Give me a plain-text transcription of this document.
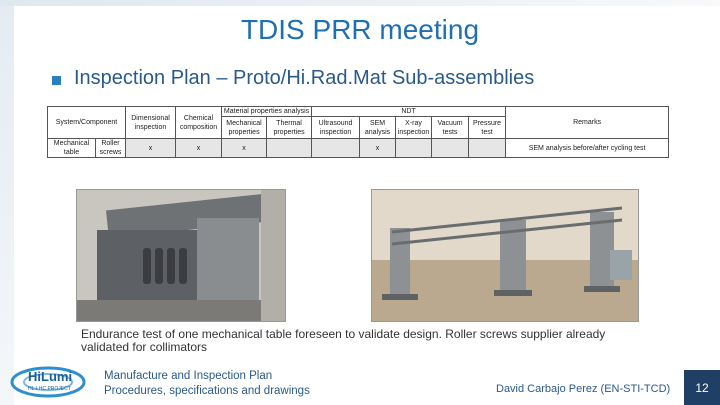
TDIS PRR meeting
Inspection Plan – Proto/Hi.Rad.Mat Sub-assemblies
System/Component		Dimensional inspection	Chemical composition	Material properties analysis		NDT					Remarks
				Mechanical properties	Thermal properties	Ultrasound inspection	SEM analysis	X-ray inspection	Vacuum tests	Pressure test	
Mechanical table	Roller screws	x	x	x			x				SEM analysis before/after cycling test
Endurance test of one mechanical table foreseen to validate design. Roller screws supplier already validated for collimators
HiLumi
HL-LHC PROJECT
Manufacture and Inspection Plan
Procedures, specifications and drawings	David Carbajo Perez (EN-STI-TCD)	12
